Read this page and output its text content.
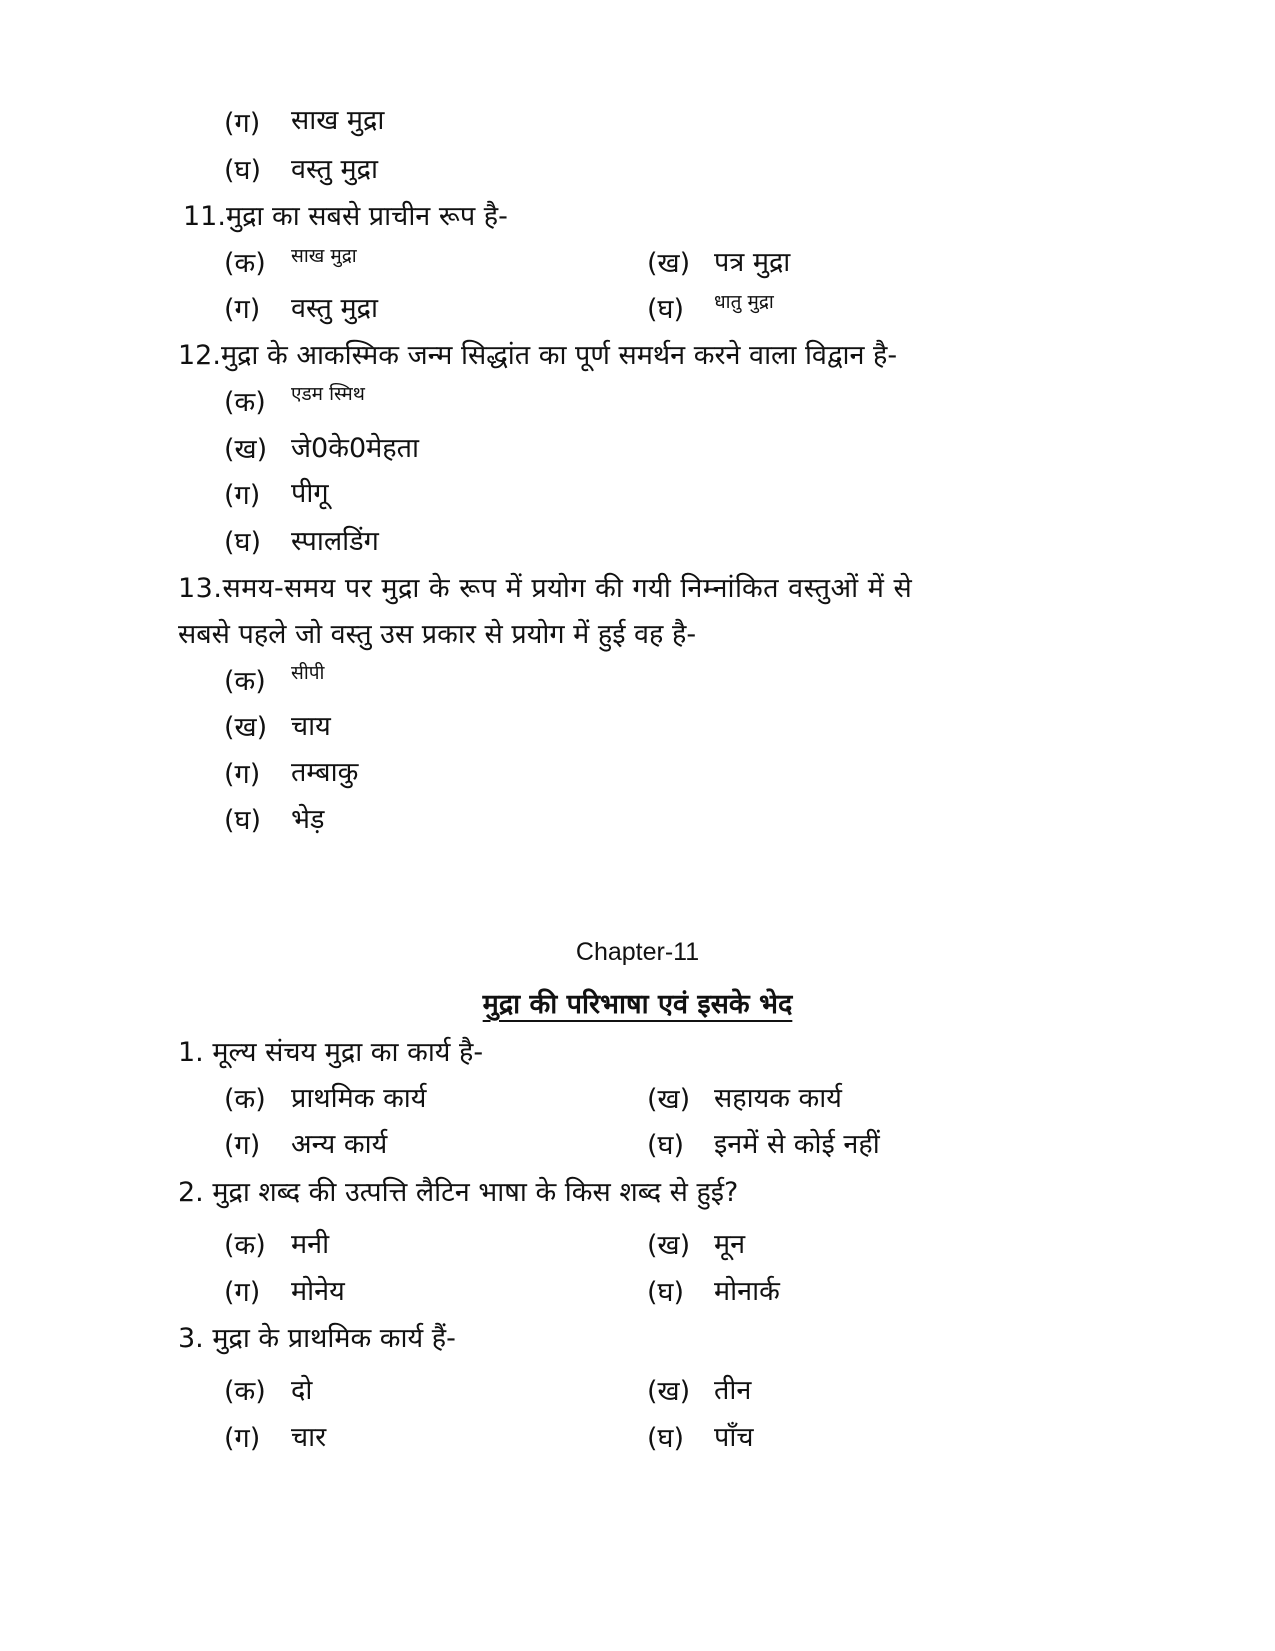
(ग) साख मुद्रा
(घ) वस्तु मुद्रा
11.मुद्रा का सबसे प्राचीन रूप है-
(क) साख मुद्रा	(ख) पत्र मुद्रा
(ग) वस्तु मुद्रा	(घ) धातु मुद्रा
12.मुद्रा के आकस्मिक जन्म सिद्धांत का पूर्ण समर्थन करने वाला विद्वान है-
(क) एडम स्मिथ
(ख) जे0के0मेहता
(ग) पीगू
(घ) स्पालडिंग
13.समय-समय पर मुद्रा के रूप में प्रयोग की गयी निम्नांकित वस्तुओं में से
सबसे पहले जो वस्तु उस प्रकार से प्रयोग में हुई वह है-
(क) सीपी
(ख) चाय
(ग) तम्बाकु
(घ) भेड़
Chapter-11
मुद्रा की परिभाषा एवं इसके भेद
1. मूल्य संचय मुद्रा का कार्य है-
(क) प्राथमिक कार्य	(ख) सहायक कार्य
(ग) अन्य कार्य	(घ) इनमें से कोई नहीं
2. मुद्रा शब्द की उत्पत्ति लैटिन भाषा के किस शब्द से हुई?
(क) मनी	(ख) मून
(ग) मोनेय	(घ) मोनार्क
3. मुद्रा के प्राथमिक कार्य हैं-
(क) दो	(ख) तीन
(ग) चार	(घ) पाँच
